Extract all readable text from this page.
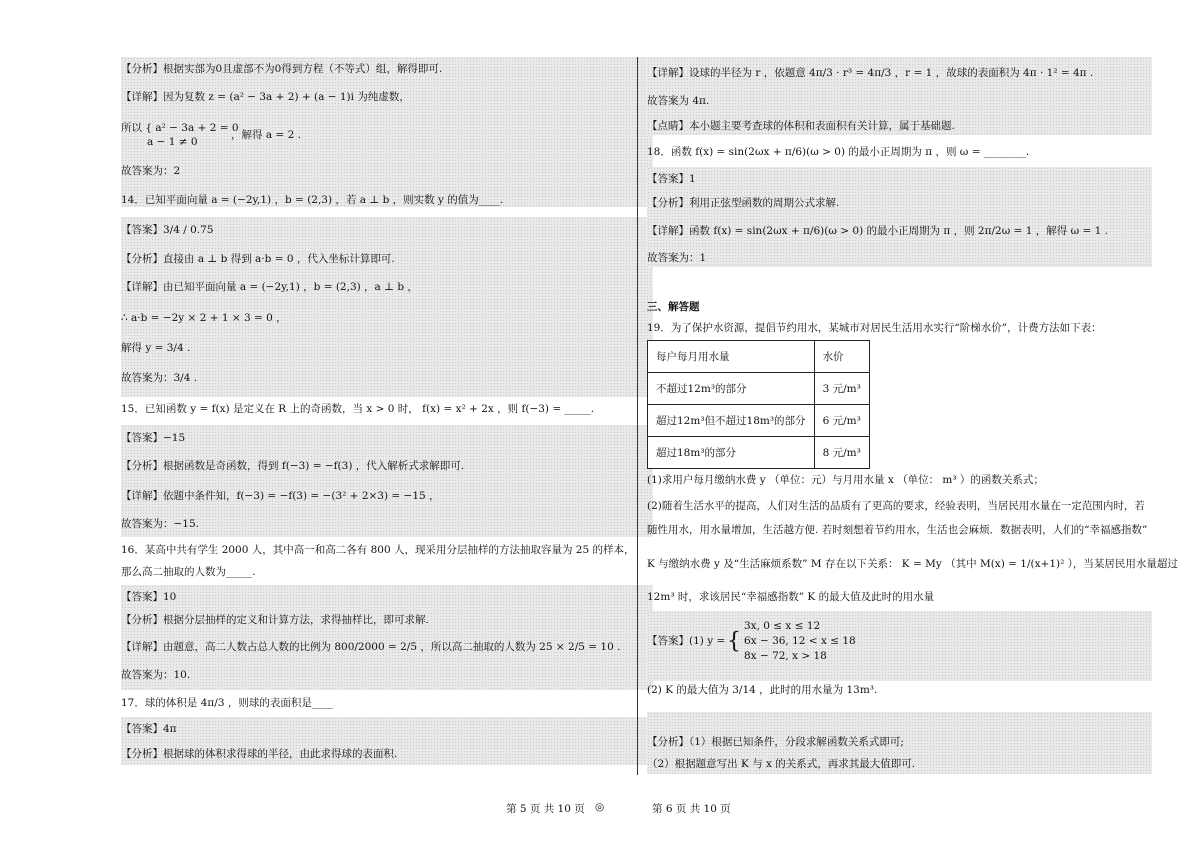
【分析】根据实部为0且虚部不为0得到方程（不等式）组，解得即可.
【详解】因为复数 z = (a² − 3a + 2) + (a − 1)i 为纯虚数，
所以 { a² − 3a + 2 = 0
a − 1 ≠ 0
，解得 a = 2 .
故答案为：2
14．已知平面向量 a = (−2y,1) ，b = (2,3) ，若 a ⊥ b ，则实数 y 的值为____.
【答案】3/4 / 0.75
【分析】直接由 a ⊥ b 得到 a·b = 0 ，代入坐标计算即可.
【详解】由已知平面向量 a = (−2y,1) ，b = (2,3) ，a ⊥ b ，
∴ a·b = −2y × 2 + 1 × 3 = 0 ，
解得 y = 3/4 .
故答案为：3/4 .
15．已知函数 y = f(x) 是定义在 R 上的奇函数，当 x > 0 时， f(x) = x² + 2x ，则 f(−3) = _____.
【答案】−15
【分析】根据函数是奇函数，得到 f(−3) = −f(3) ，代入解析式求解即可.
【详解】依题中条件知，f(−3) = −f(3) = −(3² + 2×3) = −15 ，
故答案为：−15.
16．某高中共有学生 2000 人，其中高一和高二各有 800 人，现采用分层抽样的方法抽取容量为 25 的样本，
那么高二抽取的人数为_____.
【答案】10
【分析】根据分层抽样的定义和计算方法，求得抽样比，即可求解.
【详解】由题意，高二人数占总人数的比例为 800/2000 = 2/5 ，所以高二抽取的人数为 25 × 2/5 = 10 .
故答案为：10.
17．球的体积是 4π/3 ，则球的表面积是____
【答案】4π
【分析】根据球的体积求得球的半径，由此求得球的表面积.
【详解】设球的半径为 r ，依题意 4π/3 · r³ = 4π/3 ，r = 1 ，故球的表面积为 4π · 1² = 4π .
故答案为 4π.
【点睛】本小题主要考查球的体积和表面积有关计算，属于基础题.
18．函数 f(x) = sin(2ωx + π/6)(ω > 0) 的最小正周期为 π ，则 ω = ________.
【答案】1
【分析】利用正弦型函数的周期公式求解.
【详解】函数 f(x) = sin(2ωx + π/6)(ω > 0) 的最小正周期为 π ，则 2π/2ω = 1 ，解得 ω = 1 .
故答案为：1
三、解答题
19．为了保护水资源，提倡节约用水，某城市对居民生活用水实行“阶梯水价”，计费方法如下表：
每户每月用水量	水价
不超过12m³的部分	3 元/m³
超过12m³但不超过18m³的部分	6 元/m³
超过18m³的部分	8 元/m³
(1)求用户每月缴纳水费 y （单位：元）与月用水量 x （单位： m³ ）的函数关系式；
(2)随着生活水平的提高，人们对生活的品质有了更高的要求，经验表明，当居民用水量在一定范围内时，若
随性用水，用水量增加，生活越方便. 若时刻想着节约用水，生活也会麻烦．数据表明，人们的“幸福感指数”
K 与缴纳水费 y 及“生活麻烦系数” M 存在以下关系： K = My （其中 M(x) = 1/(x+1)² ），当某居民用水量超过
12m³ 时，求该居民“幸福感指数” K 的最大值及此时的用水量
【答案】(1) y = {
3x, 0 ≤ x ≤ 12
6x − 36, 12 < x ≤ 18
8x − 72, x > 18
(2) K 的最大值为 3/14 ，此时的用水量为 13m³.
【分析】（1）根据已知条件，分段求解函数关系式即可;
（2）根据题意写出 K 与 x 的关系式，再求其最大值即可.
第 5 页 共 10 页 ◎	第 6 页 共 10 页
